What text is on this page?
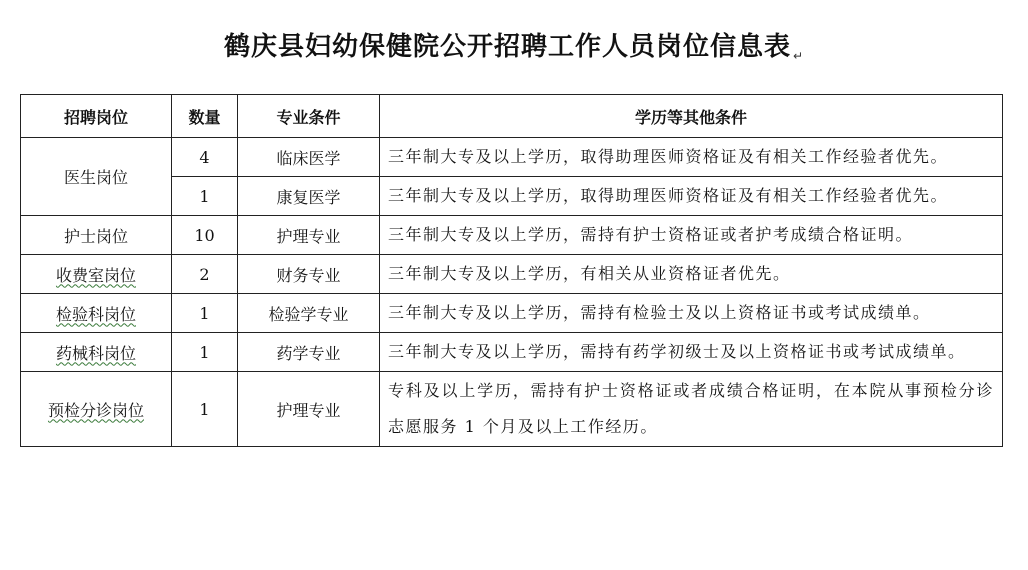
鹤庆县妇幼保健院公开招聘工作人员岗位信息表 ↵
招聘岗位	数量	专业条件	学历等其他条件
医生岗位	4	临床医学	三年制大专及以上学历，取得助理医师资格证及有相关工作经验者优先。
	1	康复医学	三年制大专及以上学历，取得助理医师资格证及有相关工作经验者优先。
护士岗位	10	护理专业	三年制大专及以上学历，需持有护士资格证或者护考成绩合格证明。
收费室岗位	2	财务专业	三年制大专及以上学历，有相关从业资格证者优先。
检验科岗位	1	检验学专业	三年制大专及以上学历，需持有检验士及以上资格证书或考试成绩单。
药械科岗位	1	药学专业	三年制大专及以上学历，需持有药学初级士及以上资格证书或考试成绩单。
预检分诊岗位	1	护理专业	专科及以上学历，需持有护士资格证或者成绩合格证明，在本院从事预检分诊志愿服务 1 个月及以上工作经历。
